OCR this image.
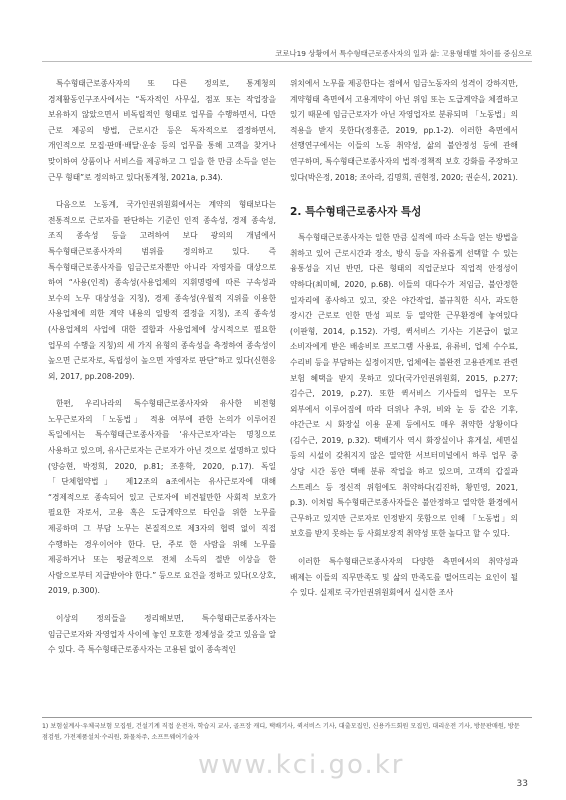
코로나19 상황에서 특수형태근로종사자의 일과 삶: 고용형태별 차이를 중심으로

특수형태근로종사자의 또 다른 정의로, 통계청의 경제활동인구조사에서는 “독자적인 사무실, 점포 또는 작업장을 보유하지 않았으면서 비독립적인 형태로 업무를 수행하면서, 다만 근로 제공의 방법, 근로시간 등은 독자적으로 결정하면서, 개인적으로 모집·판매·배달·운송 등의 업무를 통해 고객을 찾거나 맞이하여 상품이나 서비스를 제공하고 그 일을 한 만큼 소득을 얻는 근무 형태”로 정의하고 있다(통계청, 2021a, p.34).

다음으로 노동계, 국가인권위원회에서는 계약의 형태보다는 전통적으로 근로자를 판단하는 기준인 인적 종속성, 경제 종속성, 조직 종속성 등을 고려하여 보다 광의의 개념에서 특수형태근로종사자의 범위를 정의하고 있다. 즉 특수형태근로종사자를 임금근로자뿐만 아니라 자영자를 대상으로 하여 “사용(인적) 종속성(사용업체의 지휘명령에 따른 구속성과 보수의 노무 대상성을 지칭), 경제 종속성(우월적 지위를 이용한 사용업체에 의한 계약 내용의 일방적 결정을 지칭), 조직 종속성(사용업체의 사업에 대한 결합과 사용업체에 상시적으로 필요한 업무의 수행을 지칭)의 세 가지 유형의 종속성을 측정하여 종속성이 높으면 근로자로, 독립성이 높으면 자영자로 판단”하고 있다(신현응 외, 2017, pp.208-209).

한편, 우리나라의 특수형태근로종사자와 유사한 비전형 노무근로자의 「노동법」 적용 여부에 관한 논의가 이루어진 독일에서는 특수형태근로종사자를 ‘유사근로자’라는 명칭으로 사용하고 있으며, 유사근로자는 근로자가 아닌 것으로 설명하고 있다(양승현, 박정희, 2020, p.81; 조흥학, 2020, p.17). 독일 「단체협약법」 제12조의 a조에서는 유사근로자에 대해 “경제적으로 종속되어 있고 근로자에 비견될만한 사회적 보호가 필요한 자로서, 고용 혹은 도급계약으로 타인을 위한 노무를 제공하며 그 부담 노무는 본질적으로 제3자의 협력 없이 직접 수행하는 경우이어야 한다. 단, 주로 한 사람을 위해 노무를 제공하거나 또는 평균적으로 전체 소득의 절반 이상을 한 사람으로부터 지급받아야 한다.” 등으로 요건을 정하고 있다(오상호, 2019, p.300).

이상의 정의들을 정리해보면, 특수형태근로종사자는 임금근로자와 자영업자 사이에 놓인 모호한 정체성을 갖고 있음을 알 수 있다. 즉 특수형태근로종사자는 고용된 없이 종속적인

위치에서 노무를 제공한다는 점에서 임금노동자의 성격이 강하지만, 계약형태 측면에서 고용계약이 아닌 위임 또는 도급계약을 체결하고 있기 때문에 임금근로자가 아닌 자영업자로 분류되며 「노동법」의 적용을 받지 못한다(정흥준, 2019, pp.1-2). 이러한 측면에서 선행연구에서는 이들의 노동 취약성, 삶의 불안정성 등에 관해 연구하며, 특수형태근로종사자의 법적·정책적 보호 강화를 주장하고 있다(박은정, 2018; 조아라, 김명희, 권현정, 2020; 권순식, 2021).

2. 특수형태근로종사자 특성

특수형태근로종사자는 일한 만큼 실적에 따라 소득을 얻는 방법을 취하고 있어 근로시간과 장소, 방식 등을 자유롭게 선택할 수 있는 융통성을 지닌 반면, 다른 형태의 직업군보다 직업적 안정성이 약하다(최미혜, 2020, p.68). 이들의 대다수가 저임금, 불안정한 일자리에 종사하고 있고, 잦은 야간작업, 불규칙한 식사, 과도한 장시간 근로로 인한 만성 피로 등 열악한 근무환경에 놓여있다(이판형, 2014, p.152). 가령, 퀵서비스 기사는 기본급이 없고 소비자에게 받은 배송비로 프로그램 사용료, 유류비, 업체 수수료, 수리비 등을 부담하는 실정이지만, 업체에는 불완전 고용관계로 관련 보험 혜택을 받지 못하고 있다(국가인권위원회, 2015, p.277; 김수근, 2019, p.27). 또한 퀵서비스 기사들의 업무는 모두 외부에서 이루어짐에 따라 더위나 추위, 비와 눈 등 같은 기후, 야간근로 시 화장실 이용 문제 등에서도 매우 취약한 상황이다(김수근, 2019, p.32). 택배기사 역시 화장실이나 휴게실, 세면실 등의 시설이 갖춰지지 않은 열악한 서브터미널에서 하루 업무 중 상당 시간 동안 택배 분류 작업을 하고 있으며, 고객의 갑질과 스트레스 등 정신적 위험에도 취약하다(김진하, 황민영, 2021, p.3). 이처럼 특수형태근로종사자들은 불안정하고 열악한 환경에서 근무하고 있지만 근로자로 인정받지 못함으로 인해 「노동법」의 보호를 받지 못하는 등 사회보장적 취약성 또한 높다고 할 수 있다.

이러한 특수형태근로종사자의 다양한 측면에서의 취약성과 배제는 이들의 직무만족도 및 삶의 만족도를 떨어뜨리는 요인이 될 수 있다. 실제로 국가인권위원회에서 실시한 조사

www.kci.go.kr
1) 보험설계사·우체국보험 모집원, 건설기계 직접 운전자, 학습지 교사, 골프장 캐디, 택배기사, 퀵서비스 기사, 대출모집인, 신용카드회원 모집인, 대리운전 기사, 방문판매원, 방문점검원, 가전제품설치·수리원, 화물차주, 소프트웨어기술자
33
